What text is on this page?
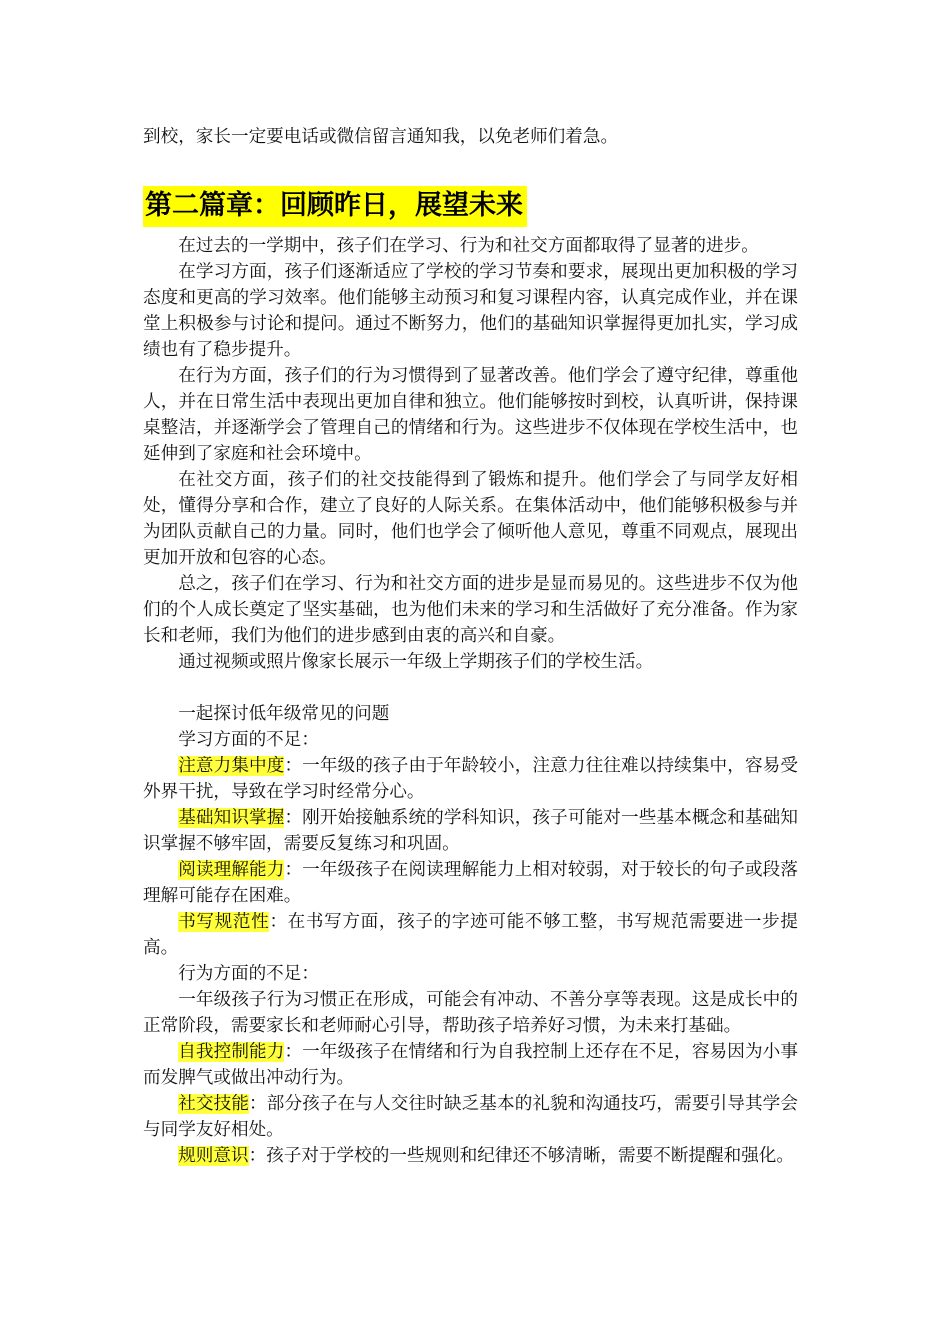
到校，家长一定要电话或微信留言通知我，以免老师们着急。

第二篇章：回顾昨日，展望未来

在过去的一学期中，孩子们在学习、行为和社交方面都取得了显著的进步。

在学习方面，孩子们逐渐适应了学校的学习节奏和要求，展现出更加积极的学习态度和更高的学习效率。他们能够主动预习和复习课程内容，认真完成作业，并在课堂上积极参与讨论和提问。通过不断努力，他们的基础知识掌握得更加扎实，学习成绩也有了稳步提升。

在行为方面，孩子们的行为习惯得到了显著改善。他们学会了遵守纪律，尊重他人，并在日常生活中表现出更加自律和独立。他们能够按时到校，认真听讲，保持课桌整洁，并逐渐学会了管理自己的情绪和行为。这些进步不仅体现在学校生活中，也延伸到了家庭和社会环境中。

在社交方面，孩子们的社交技能得到了锻炼和提升。他们学会了与同学友好相处，懂得分享和合作，建立了良好的人际关系。在集体活动中，他们能够积极参与并为团队贡献自己的力量。同时，他们也学会了倾听他人意见，尊重不同观点，展现出更加开放和包容的心态。

总之，孩子们在学习、行为和社交方面的进步是显而易见的。这些进步不仅为他们的个人成长奠定了坚实基础，也为他们未来的学习和生活做好了充分准备。作为家长和老师，我们为他们的进步感到由衷的高兴和自豪。

通过视频或照片像家长展示一年级上学期孩子们的学校生活。

一起探讨低年级常见的问题

学习方面的不足：

注意力集中度：一年级的孩子由于年龄较小，注意力往往难以持续集中，容易受外界干扰，导致在学习时经常分心。

基础知识掌握：刚开始接触系统的学科知识，孩子可能对一些基本概念和基础知识掌握不够牢固，需要反复练习和巩固。

阅读理解能力：一年级孩子在阅读理解能力上相对较弱，对于较长的句子或段落理解可能存在困难。

书写规范性：在书写方面，孩子的字迹可能不够工整，书写规范需要进一步提高。

行为方面的不足：

一年级孩子行为习惯正在形成，可能会有冲动、不善分享等表现。这是成长中的正常阶段，需要家长和老师耐心引导，帮助孩子培养好习惯，为未来打基础。

自我控制能力：一年级孩子在情绪和行为自我控制上还存在不足，容易因为小事而发脾气或做出冲动行为。

社交技能：部分孩子在与人交往时缺乏基本的礼貌和沟通技巧，需要引导其学会与同学友好相处。

规则意识：孩子对于学校的一些规则和纪律还不够清晰，需要不断提醒和强化。
